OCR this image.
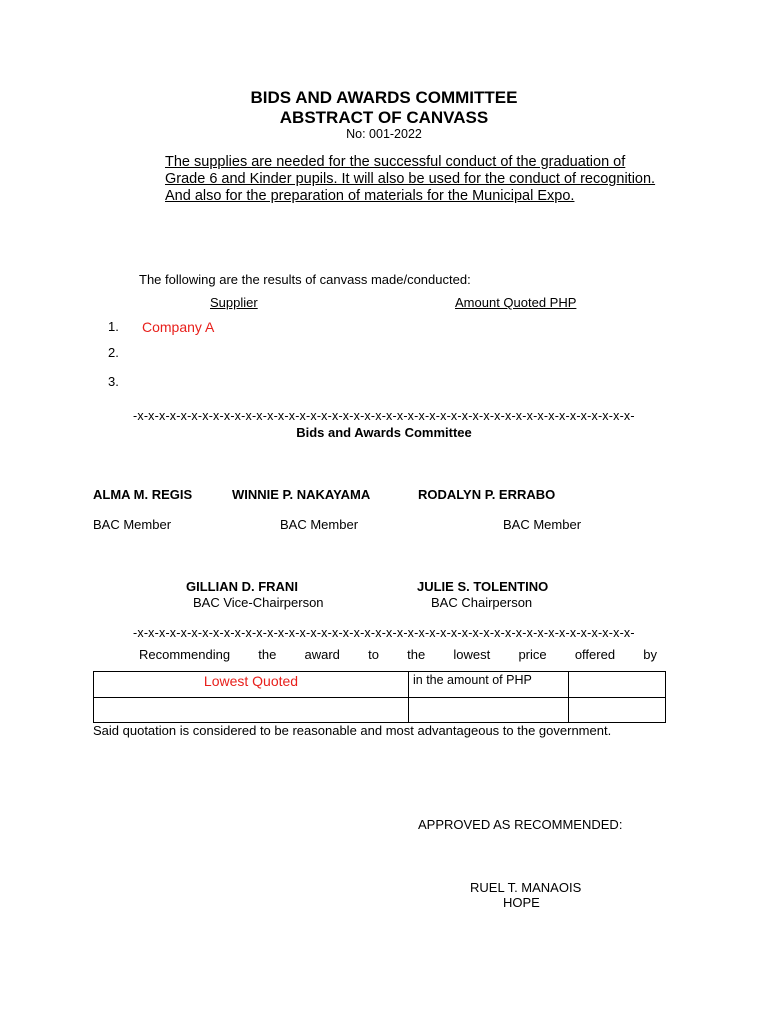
BIDS AND AWARDS COMMITTEE
ABSTRACT OF CANVASS
No: 001-2022
The supplies are needed for the successful conduct of the graduation of Grade 6 and Kinder pupils. It will also be used for the conduct of recognition. And also for the preparation of materials for the Municipal Expo.
The following are the results of canvass made/conducted:
Supplier	Amount Quoted PHP
1. Company A
2.
3.
-x-x-x-x-x-x-x-x-x-x-x-x-x-x-x-x-x-x-x-x-x-x-x-x-x-x-x-x-x-x-x-x-x-x-x-x-x-x-x-x-x-x-x-x-x-x-
Bids and Awards Committee
ALMA M. REGIS	WINNIE P. NAKAYAMA	RODALYN P. ERRABO
BAC Member	BAC Member	BAC Member
GILLIAN D. FRANI
BAC Vice-Chairperson
JULIE S. TOLENTINO
BAC Chairperson
-x-x-x-x-x-x-x-x-x-x-x-x-x-x-x-x-x-x-x-x-x-x-x-x-x-x-x-x-x-x-x-x-x-x-x-x-x-x-x-x-x-x-x-x-x-x-
Recommending the award to the lowest price offered by
Lowest Quoted	in the amount of PHP	

Said quotation is considered to be reasonable and most advantageous to the government.
APPROVED AS RECOMMENDED:
RUEL T. MANAOIS
HOPE
